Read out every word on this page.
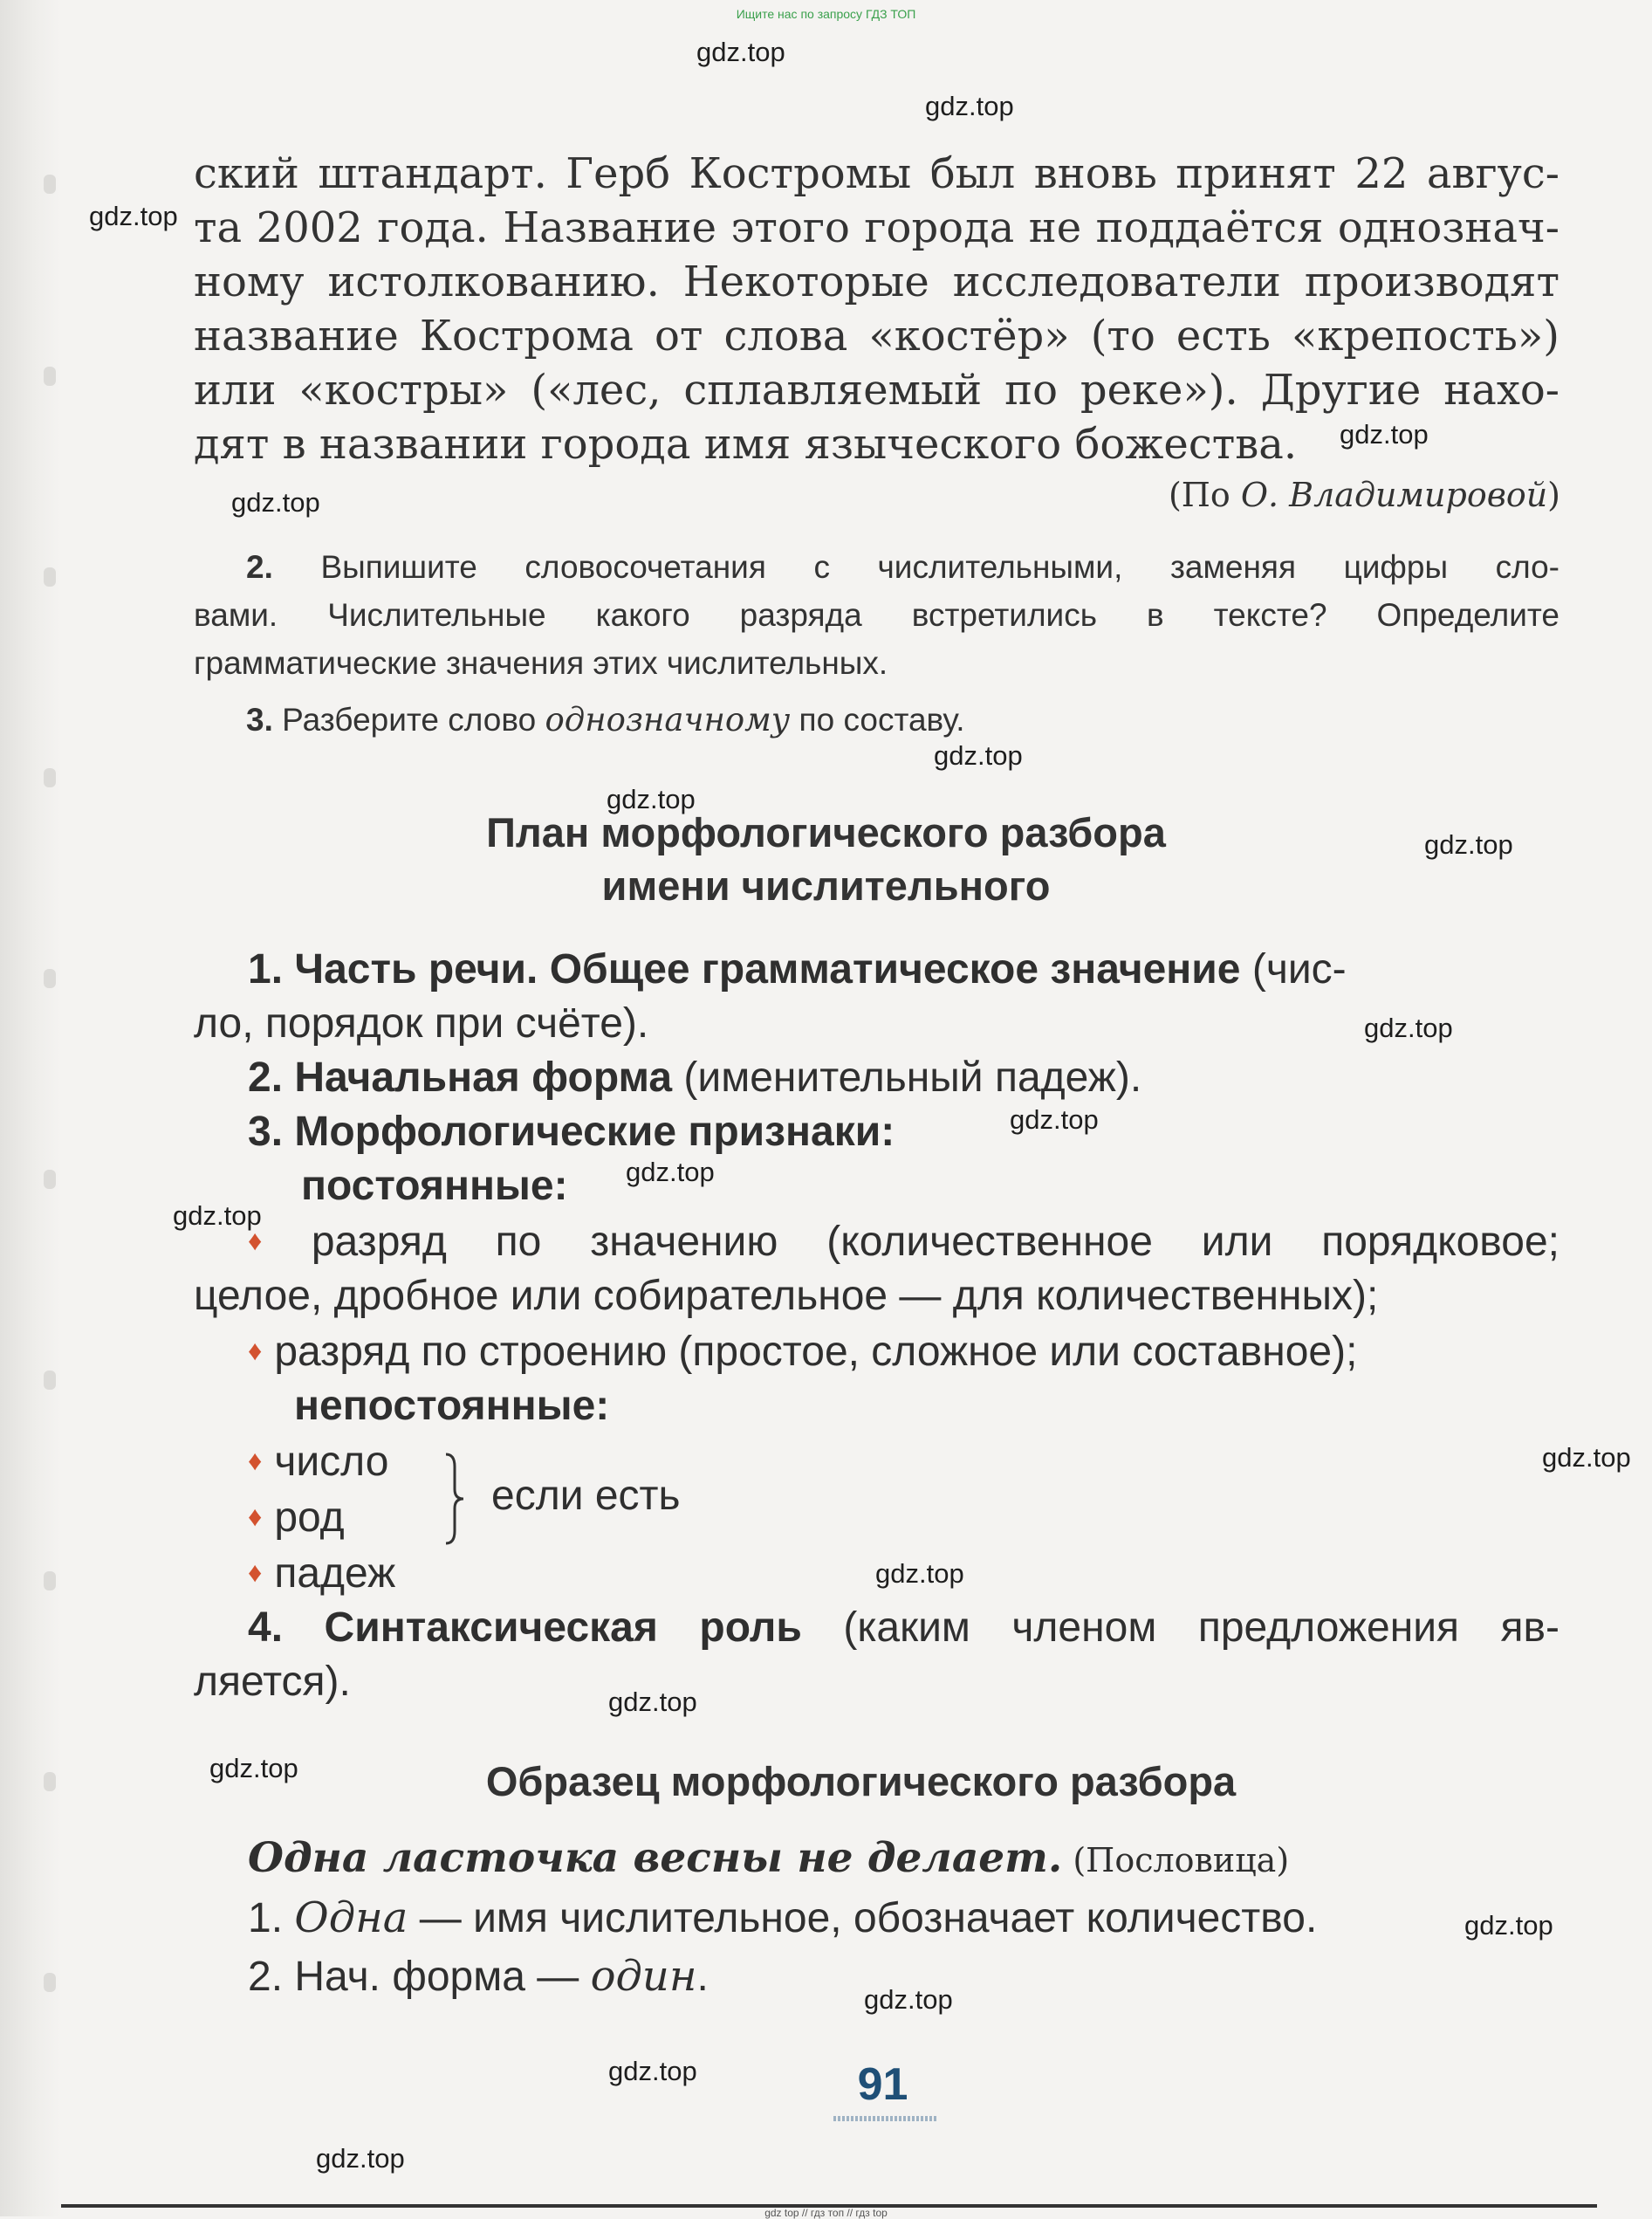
Ищите нас по запросу ГДЗ ТОП
gdz.top
gdz.top
gdz.top
gdz.top
gdz.top
gdz.top
gdz.top
gdz.top
gdz.top
gdz.top
gdz.top
gdz.top
gdz.top
gdz.top
gdz.top
gdz.top
gdz.top
gdz.top
gdz.top
gdz.top
ский штандарт. Герб Костромы был вновь принят 22 авгус-
та 2002 года. Название этого города не поддаётся однознач-
ному истолкованию. Некоторые исследователи производят
название Кострома от слова «костёр» (то есть «крепость»)
или «костры» («лес, сплавляемый по реке»). Другие нахо-
дят в названии города имя языческого божества.
(По О. Владимировой)
2. Выпишите словосочетания с числительными, заменяя цифры сло-
вами. Числительные какого разряда встретились в тексте? Определите
грамматические значения этих числительных.
3. Разберите слово однозначному по составу.
План морфологического разбора
имени числительного
1. Часть речи. Общее грамматическое значение (чис-
ло, порядок при счёте).
2. Начальная форма (именительный падеж).
3. Морфологические признаки:
постоянные:
♦ разряд по значению (количественное или порядковое;
целое, дробное или собирательное — для количественных);
♦ разряд по строению (простое, сложное или составное);
непостоянные:
♦ число
♦ род
♦ падеж
4. Синтаксическая роль (каким членом предложения яв-
ляется).
если есть
Образец морфологического разбора
Одна ласточка весны не делает. (Пословица)
1. Одна — имя числительное, обозначает количество.
2. Нач. форма — один.
91
gdz top // гдз топ // гдз top
